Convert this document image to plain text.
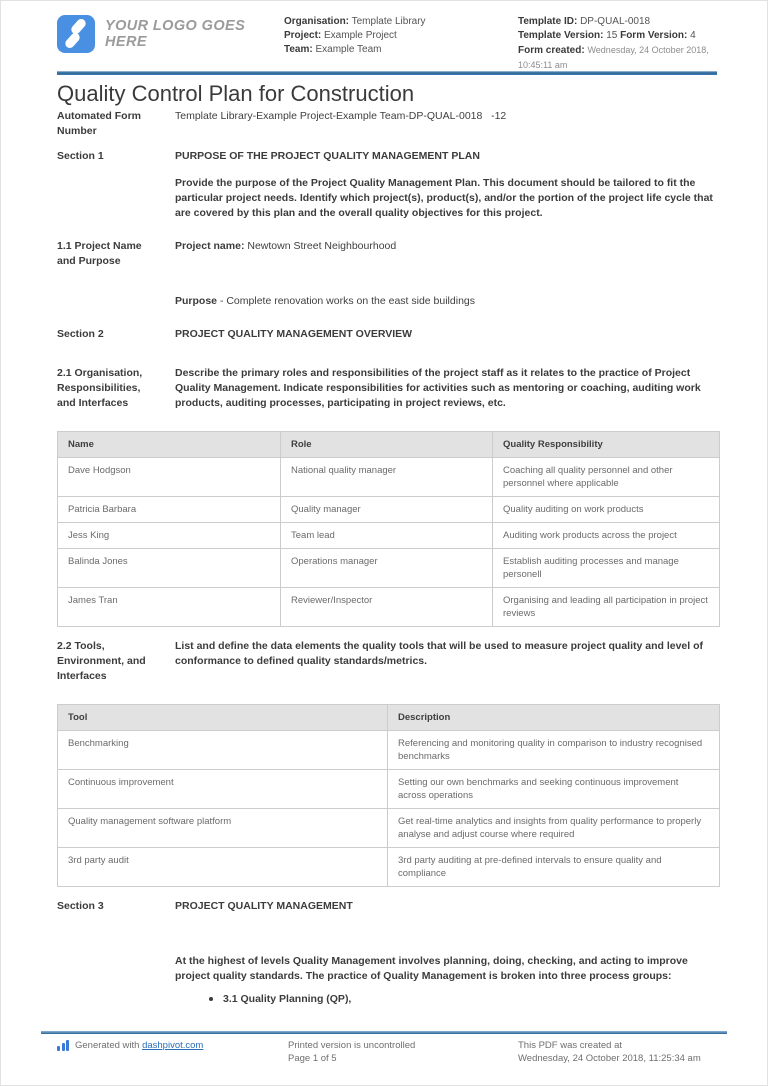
YOUR LOGO GOES HERE
Organisation: Template Library
Project: Example Project
Team: Example Team
Template ID: DP-QUAL-0018
Template Version: 15 Form Version: 4
Form created: Wednesday, 24 October 2018, 10:45:11 am
Quality Control Plan for Construction
Automated Form Number
Template Library-Example Project-Example Team-DP-QUAL-0018   -12
Section 1	PURPOSE OF THE PROJECT QUALITY MANAGEMENT PLAN
Provide the purpose of the Project Quality Management Plan. This document should be tailored to fit the particular project needs. Identify which project(s), product(s), and/or the portion of the project life cycle that are covered by this plan and the overall quality objectives for this project.
1.1 Project Name and Purpose
Project name: Newtown Street Neighbourhood
Purpose - Complete renovation works on the east side buildings
Section 2	PROJECT QUALITY MANAGEMENT OVERVIEW
2.1 Organisation, Responsibilities, and Interfaces
Describe the primary roles and responsibilities of the project staff as it relates to the practice of Project Quality Management. Indicate responsibilities for activities such as mentoring or coaching, auditing work products, auditing processes, participating in project reviews, etc.
Name	Role	Quality Responsibility
Dave Hodgson	National quality manager	Coaching all quality personnel and other personnel where applicable
Patricia Barbara	Quality manager	Quality auditing on work products
Jess King	Team lead	Auditing work products across the project
Balinda Jones	Operations manager	Establish auditing processes and manage personell
James Tran	Reviewer/Inspector	Organising and leading all participation in project reviews
2.2 Tools, Environment, and Interfaces
List and define the data elements the quality tools that will be used to measure project quality and level of conformance to defined quality standards/metrics.
Tool	Description
Benchmarking	Referencing and monitoring quality in comparison to industry recognised benchmarks
Continuous improvement	Setting our own benchmarks and seeking continuous improvement across operations
Quality management software platform	Get real-time analytics and insights from quality performance to properly analyse and adjust course where required
3rd party audit	3rd party auditing at pre-defined intervals to ensure quality and compliance
Section 3	PROJECT QUALITY MANAGEMENT
At the highest of levels Quality Management involves planning, doing, checking, and acting to improve project quality standards. The practice of Quality Management is broken into three process groups:
3.1 Quality Planning (QP),
Generated with dashpivot.com	Printed version is uncontrolled
Page 1 of 5
This PDF was created at
Wednesday, 24 October 2018, 11:25:34 am
